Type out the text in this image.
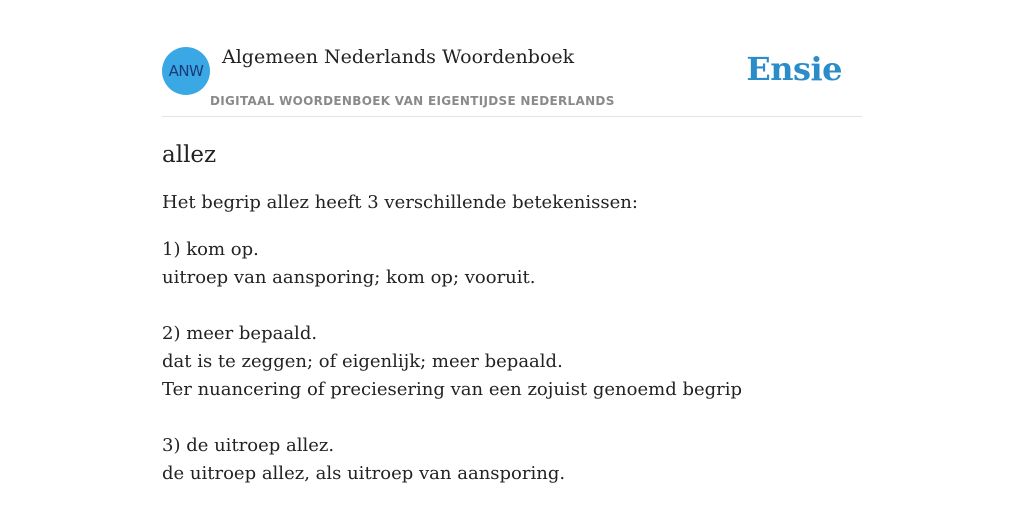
ANW
Algemeen Nederlands Woordenboek
DIGITAAL WOORDENBOEK VAN EIGENTIJDSE NEDERLANDS
Ensie
allez

Het begrip allez heeft 3 verschillende betekenissen:

1) kom op.

uitroep van aansporing; kom op; vooruit.

2) meer bepaald.

dat is te zeggen; of eigenlijk; meer bepaald.

Ter nuancering of preciesering van een zojuist genoemd begrip

3) de uitroep allez.

de uitroep allez, als uitroep van aansporing.
